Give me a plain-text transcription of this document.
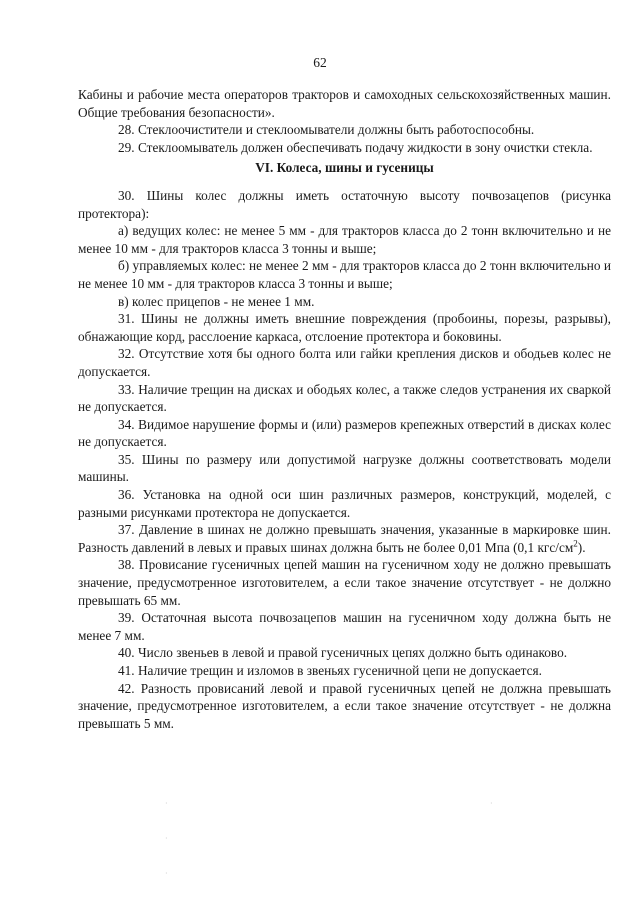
62

Кабины и рабочие места операторов тракторов и самоходных сельскохозяйственных машин. Общие требования безопасности».

28. Стеклоочистители и стеклоомыватели должны быть работоспособны.

29. Стеклоомыватель должен обеспечивать подачу жидкости в зону очистки стекла.

VI. Колеса, шины и гусеницы

30. Шины колес должны иметь остаточную высоту почвозацепов (рисунка протектора):

а) ведущих колес: не менее 5 мм - для тракторов класса до 2 тонн включительно и не менее 10 мм - для тракторов класса 3 тонны и выше;

б) управляемых колес: не менее 2 мм - для тракторов класса до 2 тонн включительно и не менее 10 мм - для тракторов класса 3 тонны и выше;

в) колес прицепов - не менее 1 мм.

31. Шины не должны иметь внешние повреждения (пробоины, порезы, разрывы), обнажающие корд, расслоение каркаса, отслоение протектора и боковины.

32. Отсутствие хотя бы одного болта или гайки крепления дисков и ободьев колес не допускается.

33. Наличие трещин на дисках и ободьях колес, а также следов устранения их сваркой не допускается.

34. Видимое нарушение формы и (или) размеров крепежных отверстий в дисках колес не допускается.

35. Шины по размеру или допустимой нагрузке должны соответствовать модели машины.

36. Установка на одной оси шин различных размеров, конструкций, моделей, с разными рисунками протектора не допускается.

37. Давление в шинах не должно превышать значения, указанные в маркировке шин. Разность давлений в левых и правых шинах должна быть не более 0,01 Мпа (0,1 кгс/$см^2$).

38. Провисание гусеничных цепей машин на гусеничном ходу не должно превышать значение, предусмотренное изготовителем, а если такое значение отсутствует - не должно превышать 65 мм.

39. Остаточная высота почвозацепов машин на гусеничном ходу должна быть не менее 7 мм.

40. Число звеньев в левой и правой гусеничных цепях должно быть одинаково.

41. Наличие трещин и изломов в звеньях гусеничной цепи не допускается.

42. Разность провисаний левой и правой гусеничных цепей не должна превышать значение, предусмотренное изготовителем, а если такое значение отсутствует - не должна превышать 5 мм.

·
·
·
·
